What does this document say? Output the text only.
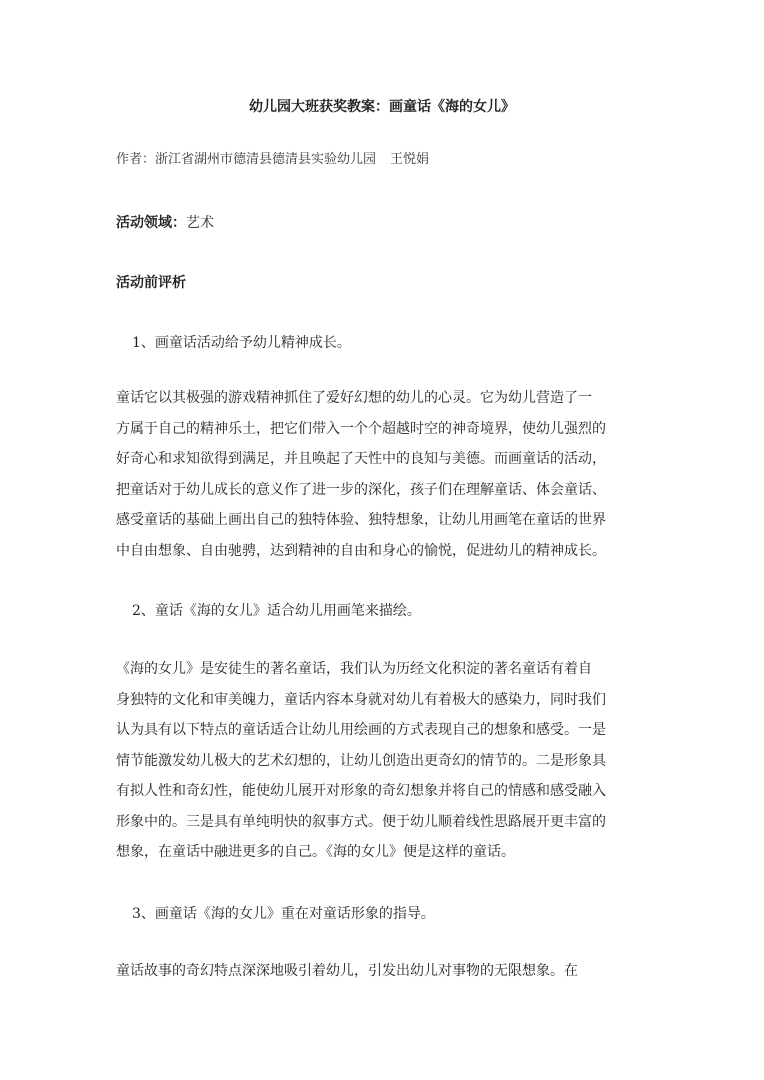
幼儿园大班获奖教案：画童话《海的女儿》
作者：浙江省湖州市德清县德清县实验幼儿园 王悦娟
活动领域：艺术
活动前评析
1、画童话活动给予幼儿精神成长。
童话它以其极强的游戏精神抓住了爱好幻想的幼儿的心灵。它为幼儿营造了一
方属于自己的精神乐土，把它们带入一个个超越时空的神奇境界，使幼儿强烈的
好奇心和求知欲得到满足，并且唤起了天性中的良知与美德。而画童话的活动，
把童话对于幼儿成长的意义作了进一步的深化，孩子们在理解童话、体会童话、
感受童话的基础上画出自己的独特体验、独特想象，让幼儿用画笔在童话的世界
中自由想象、自由驰骋，达到精神的自由和身心的愉悦，促进幼儿的精神成长。
2、童话《海的女儿》适合幼儿用画笔来描绘。
《海的女儿》是安徒生的著名童话，我们认为历经文化积淀的著名童话有着自
身独特的文化和审美魄力，童话内容本身就对幼儿有着极大的感染力，同时我们
认为具有以下特点的童话适合让幼儿用绘画的方式表现自己的想象和感受。一是
情节能激发幼儿极大的艺术幻想的，让幼儿创造出更奇幻的情节的。二是形象具
有拟人性和奇幻性，能使幼儿展开对形象的奇幻想象并将自己的情感和感受融入
形象中的。三是具有单纯明快的叙事方式。便于幼儿顺着线性思路展开更丰富的
想象，在童话中融进更多的自己。《海的女儿》便是这样的童话。
3、画童话《海的女儿》重在对童话形象的指导。
童话故事的奇幻特点深深地吸引着幼儿，引发出幼儿对事物的无限想象。在
